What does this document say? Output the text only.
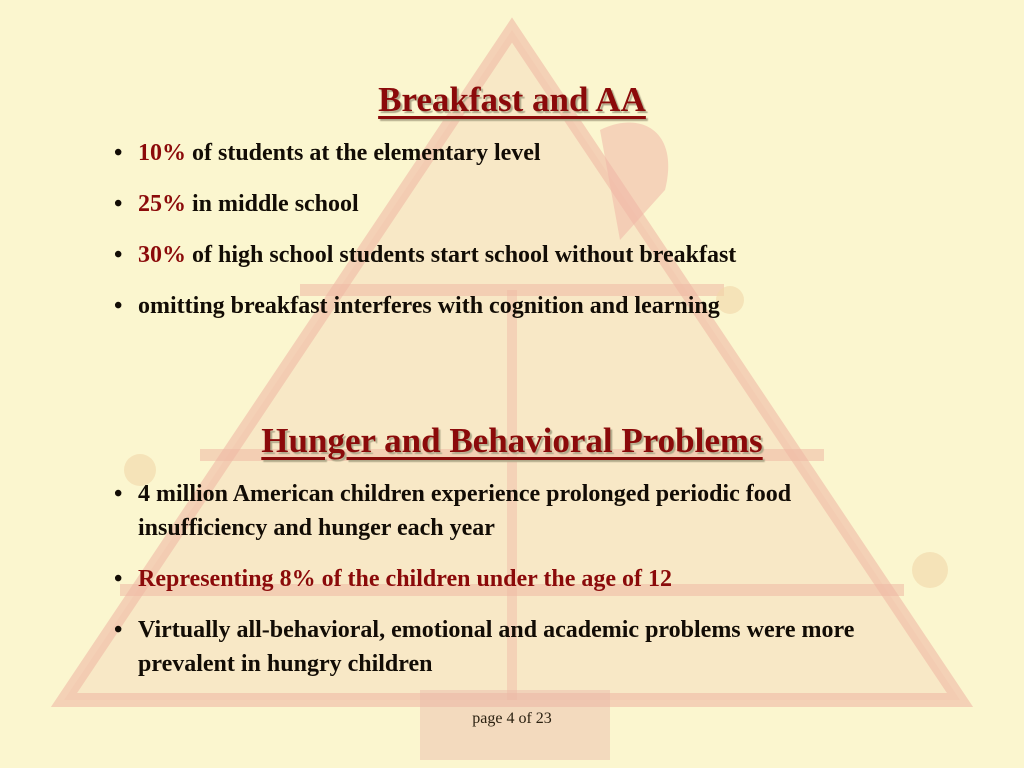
Breakfast and AA
• 10% of students at the elementary level
• 25% in middle school
• 30% of high school students start school without breakfast
• omitting breakfast interferes with cognition and learning
Hunger and Behavioral Problems
• 4 million American children experience prolonged periodic food insufficiency and hunger each year
• Representing 8% of the children under the age of 12
• Virtually all-behavioral, emotional and academic problems were more prevalent in hungry children
page 4 of 23
